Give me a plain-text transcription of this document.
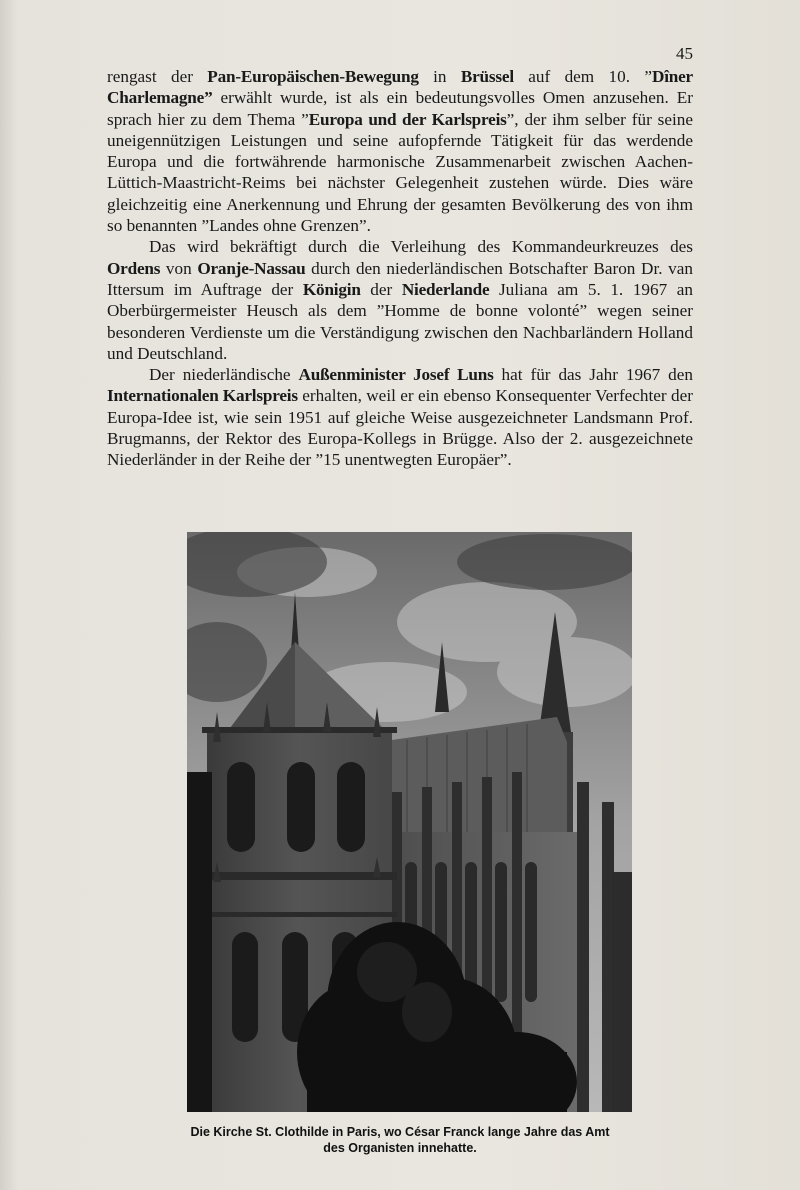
45

rengast der Pan-Europäischen-Bewegung in Brüssel auf dem 10. ”Dîner Charlemagne” erwählt wurde, ist als ein bedeutungsvolles Omen anzusehen. Er sprach hier zu dem Thema ”Europa und der Karlspreis”, der ihm selber für seine uneigennützigen Leistungen und seine aufopfernde Tätigkeit für das werdende Europa und die fortwährende harmonische Zusammenarbeit zwischen Aachen-Lüttich-Maastricht-Reims bei nächster Gelegenheit zustehen würde. Dies wäre gleichzeitig eine Anerkennung und Ehrung der gesamten Bevölkerung des von ihm so benannten ”Landes ohne Grenzen”.

Das wird bekräftigt durch die Verleihung des Kommandeurkreuzes des Ordens von Oranje-Nassau durch den niederländischen Botschafter Baron Dr. van Ittersum im Auftrage der Königin der Niederlande Juliana am 5. 1. 1967 an Oberbürgermeister Heusch als dem ”Homme de bonne volonté” wegen seiner besonderen Verdienste um die Verständigung zwischen den Nachbarländern Holland und Deutschland.

Der niederländische Außenminister Josef Luns hat für das Jahr 1967 den Internationalen Karlspreis erhalten, weil er ein ebenso Konsequenter Verfechter der Europa-Idee ist, wie sein 1951 auf gleiche Weise ausgezeichneter Landsmann Prof. Brugmanns, der Rektor des Europa-Kollegs in Brügge. Also der 2. ausgezeichnete Niederländer in der Reihe der ”15 unentwegten Europäer”.

Die Kirche St. Clothilde in Paris, wo César Franck lange Jahre das Amt
des Organisten innehatte.
